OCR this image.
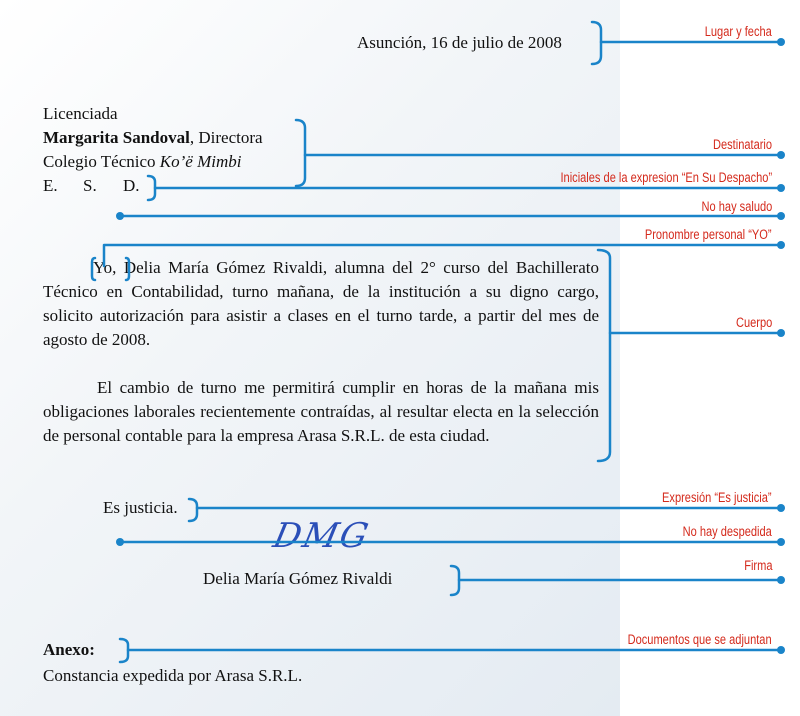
Asunción, 16 de julio de 2008
Licenciada
Margarita Sandoval, Directora
Colegio Técnico Ko’ë Mimbi
E. S. D.

Yo, Delia María Gómez Rivaldi, alumna del 2° curso del Bachillerato Técnico en Contabilidad, turno mañana, de la institución a su digno cargo, solicito autorización para asistir a clases en el turno tarde, a partir del mes de agosto de 2008.

El cambio de turno me permitirá cumplir en horas de la mañana mis obligaciones laborales recientemente contraídas, al resultar electa en la selección de personal contable para la empresa Arasa S.R.L. de esta ciudad.

Es justicia.
DMG
Delia María Gómez Rivaldi
Anexo:
Constancia expedida por Arasa S.R.L.
Lugar y fecha
Destinatario
Iniciales de la expresion “En Su Despacho”
No hay saludo
Pronombre personal “YO”
Cuerpo
Expresión “Es justicia”
No hay despedida
Firma
Documentos que se adjuntan
